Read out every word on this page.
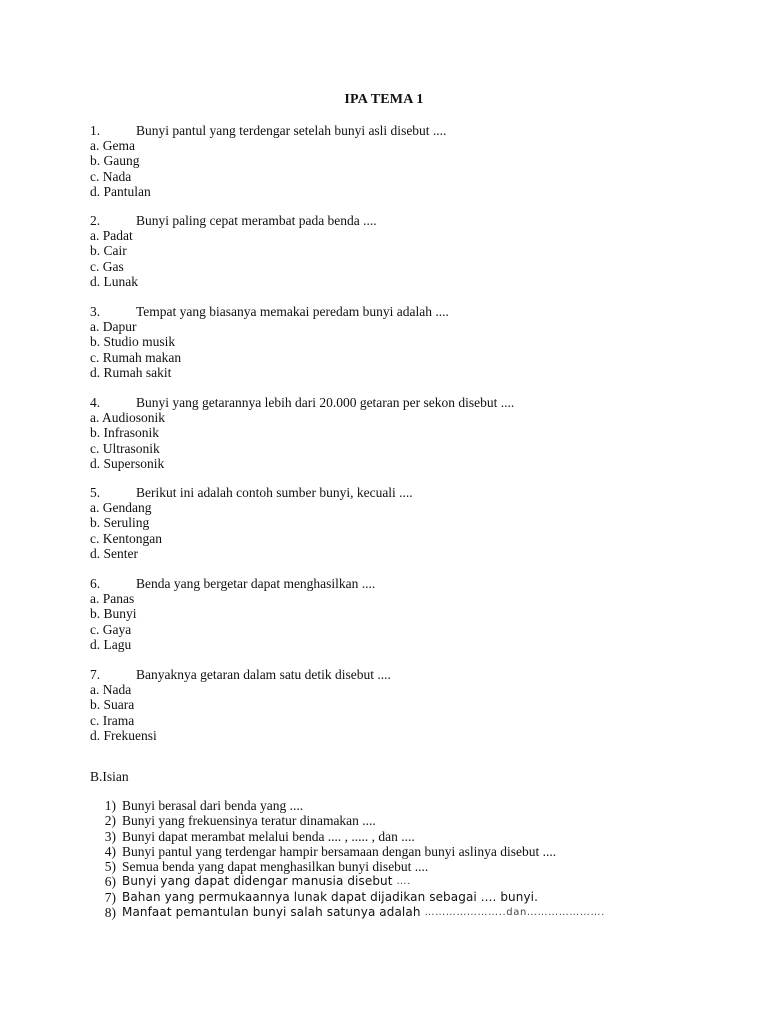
IPA TEMA 1
1.	Bunyi pantul yang terdengar setelah bunyi asli disebut ....
a. Gema
b. Gaung
c. Nada
d. Pantulan
2.	Bunyi paling cepat merambat pada benda ....
a. Padat
b. Cair
c. Gas
d. Lunak
3.	Tempat yang biasanya memakai peredam bunyi adalah ....
a. Dapur
b. Studio musik
c. Rumah makan
d. Rumah sakit
4.	Bunyi yang getarannya lebih dari 20.000 getaran per sekon disebut ....
a. Audiosonik
b. Infrasonik
c. Ultrasonik
d. Supersonik
5.	Berikut ini adalah contoh sumber bunyi, kecuali ....
a. Gendang
b. Seruling
c. Kentongan
d. Senter
6.	Benda yang bergetar dapat menghasilkan ....
a. Panas
b. Bunyi
c. Gaya
d. Lagu
7.	Banyaknya getaran dalam satu detik disebut ....
a. Nada
b. Suara
c. Irama
d. Frekuensi
B.Isian
1) Bunyi berasal dari benda yang ....
2) Bunyi yang frekuensinya teratur dinamakan ....
3) Bunyi dapat merambat melalui benda .... , ..... , dan ....
4) Bunyi pantul yang terdengar hampir bersamaan dengan bunyi aslinya disebut ....
5) Semua benda yang dapat menghasilkan bunyi disebut ....
6) Bunyi yang dapat didengar manusia disebut ….
7) Bahan yang permukaannya lunak dapat dijadikan sebagai .... bunyi.
8) Manfaat pemantulan bunyi salah satunya adalah …………………..dan………………….
